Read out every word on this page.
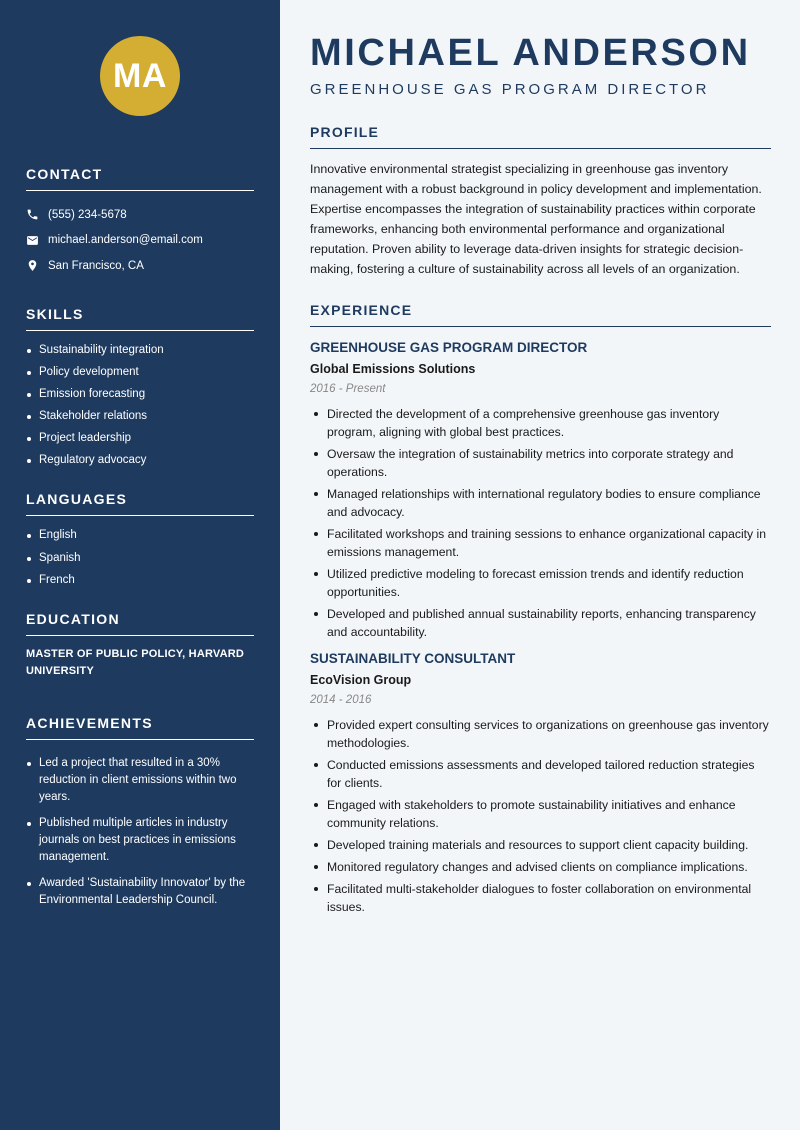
MA
CONTACT
(555) 234-5678
michael.anderson@email.com
San Francisco, CA
SKILLS
Sustainability integration
Policy development
Emission forecasting
Stakeholder relations
Project leadership
Regulatory advocacy
LANGUAGES
English
Spanish
French
EDUCATION
MASTER OF PUBLIC POLICY, HARVARD UNIVERSITY
ACHIEVEMENTS
Led a project that resulted in a 30% reduction in client emissions within two years.
Published multiple articles in industry journals on best practices in emissions management.
Awarded 'Sustainability Innovator' by the Environmental Leadership Council.
MICHAEL ANDERSON
GREENHOUSE GAS PROGRAM DIRECTOR
PROFILE

Innovative environmental strategist specializing in greenhouse gas inventory management with a robust background in policy development and implementation. Expertise encompasses the integration of sustainability practices within corporate frameworks, enhancing both environmental performance and organizational reputation. Proven ability to leverage data-driven insights for strategic decision-making, fostering a culture of sustainability across all levels of an organization.

EXPERIENCE
GREENHOUSE GAS PROGRAM DIRECTOR
Global Emissions Solutions
2016 - Present
Directed the development of a comprehensive greenhouse gas inventory program, aligning with global best practices.
Oversaw the integration of sustainability metrics into corporate strategy and operations.
Managed relationships with international regulatory bodies to ensure compliance and advocacy.
Facilitated workshops and training sessions to enhance organizational capacity in emissions management.
Utilized predictive modeling to forecast emission trends and identify reduction opportunities.
Developed and published annual sustainability reports, enhancing transparency and accountability.
SUSTAINABILITY CONSULTANT
EcoVision Group
2014 - 2016
Provided expert consulting services to organizations on greenhouse gas inventory methodologies.
Conducted emissions assessments and developed tailored reduction strategies for clients.
Engaged with stakeholders to promote sustainability initiatives and enhance community relations.
Developed training materials and resources to support client capacity building.
Monitored regulatory changes and advised clients on compliance implications.
Facilitated multi-stakeholder dialogues to foster collaboration on environmental issues.
